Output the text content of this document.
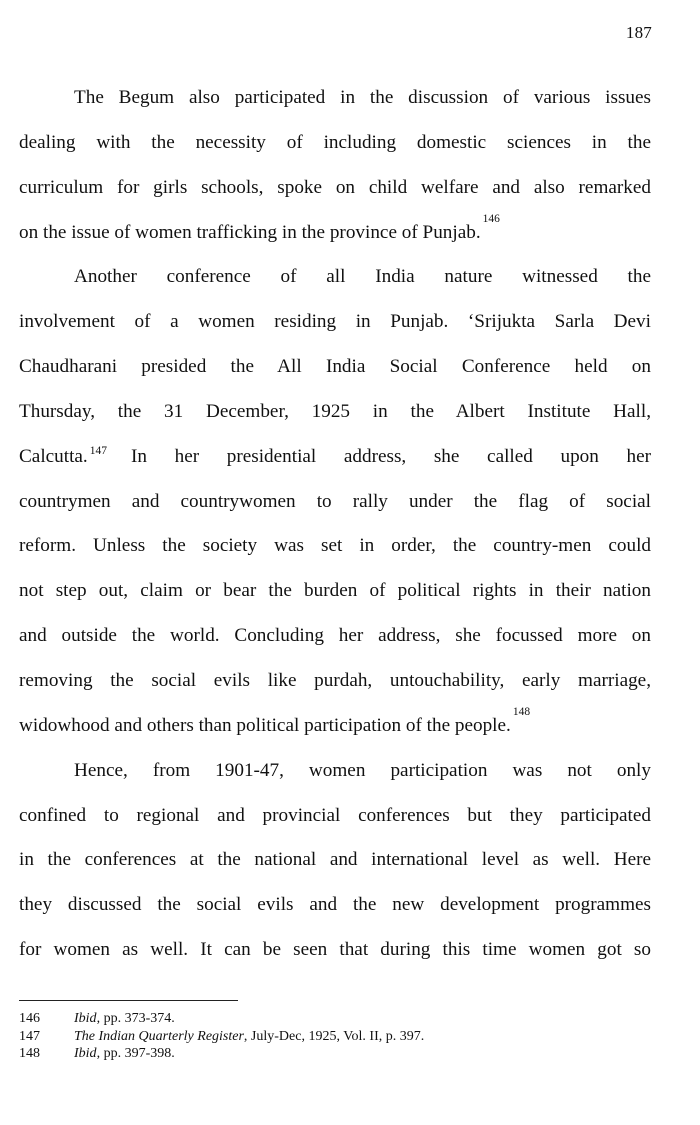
187
The Begum also participated in the discussion of various issues
dealing with the necessity of including domestic sciences in the
curriculum for girls schools, spoke on child welfare and also remarked
on the issue of women trafficking in the province of Punjab.
146
Another conference of all India nature witnessed the
involvement of a women residing in Punjab. ‘Srijukta Sarla Devi
Chaudharani presided the All India Social Conference held on
Thursday, the 31 December, 1925 in the Albert Institute Hall,
Calcutta. $^{147}$ In her presidential address, she called upon her
countrymen and countrywomen to rally under the flag of social
reform. Unless the society was set in order, the country-men could
not step out, claim or bear the burden of political rights in their nation
and outside the world. Concluding her address, she focussed more on
removing the social evils like purdah, untouchability, early marriage,
widowhood and others than political participation of the people.
148
Hence, from 1901-47, women participation was not only
confined to regional and provincial conferences but they participated
in the conferences at the national and international level as well. Here
they discussed the social evils and the new development programmes
for women as well. It can be seen that during this time women got so
146	Ibid, pp. 373-374.
147	The Indian Quarterly Register, July-Dec, 1925, Vol. II, p. 397.
148	Ibid, pp. 397-398.
